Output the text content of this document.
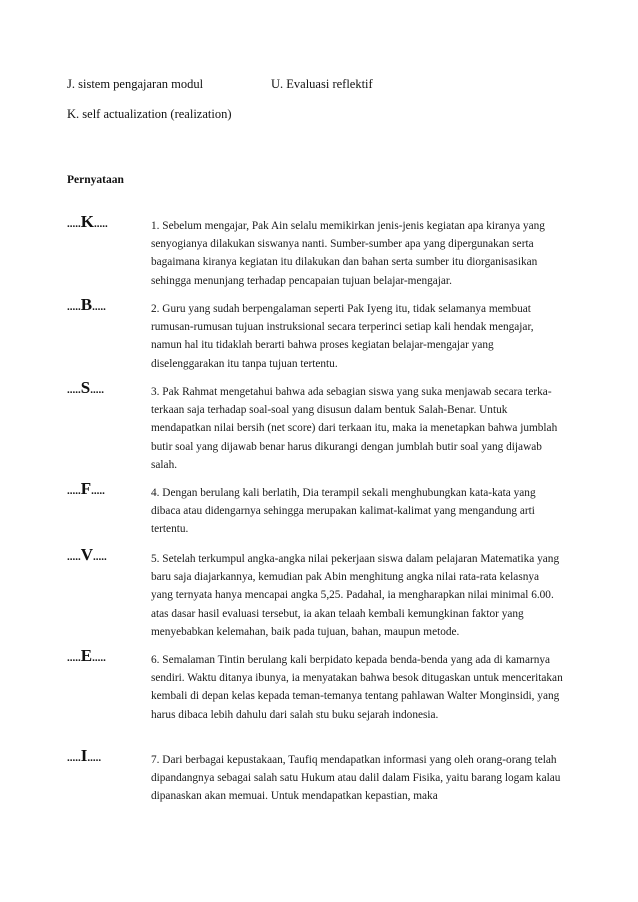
J. sistem pengajaran modul	U. Evaluasi reflektif
K. self actualization (realization)
Pernyataan
.....K.....	1. Sebelum mengajar, Pak Ain selalu memikirkan jenis-jenis kegiatan apa kiranya yang senyogianya dilakukan siswanya nanti. Sumber-sumber apa yang dipergunakan serta bagaimana kiranya kegiatan itu dilakukan dan bahan serta sumber itu diorganisasikan sehingga menunjang terhadap pencapaian tujuan belajar-mengajar.
.....B.....	2. Guru yang sudah berpengalaman seperti Pak Iyeng itu, tidak selamanya membuat rumusan-rumusan tujuan instruksional secara terperinci setiap kali hendak mengajar, namun hal itu tidaklah berarti bahwa proses kegiatan belajar-mengajar yang diselenggarakan itu tanpa tujuan tertentu.
.....S.....	3. Pak Rahmat mengetahui bahwa ada sebagian siswa yang suka menjawab secara terka-terkaan saja terhadap soal-soal yang disusun dalam bentuk Salah-Benar. Untuk mendapatkan nilai bersih (net score) dari terkaan itu, maka ia menetapkan bahwa jumblah butir soal yang dijawab benar harus dikurangi dengan jumblah butir soal yang dijawab salah.
.....F.....	4. Dengan berulang kali berlatih, Dia terampil sekali menghubungkan kata-kata yang dibaca atau didengarnya sehingga merupakan kalimat-kalimat yang mengandung arti tertentu.
.....V.....	5. Setelah terkumpul angka-angka nilai pekerjaan siswa dalam pelajaran Matematika yang baru saja diajarkannya, kemudian pak Abin menghitung angka nilai rata-rata kelasnya yang ternyata hanya mencapai angka 5,25. Padahal, ia mengharapkan nilai minimal 6.00. atas dasar hasil evaluasi tersebut, ia akan telaah kembali kemungkinan faktor yang menyebabkan kelemahan, baik pada tujuan, bahan, maupun metode.
.....E.....	6. Semalaman Tintin berulang kali berpidato kepada benda-benda yang ada di kamarnya sendiri. Waktu ditanya ibunya, ia menyatakan bahwa besok ditugaskan untuk menceritakan kembali di depan kelas kepada teman-temanya tentang pahlawan Walter Monginsidi, yang harus dibaca lebih dahulu dari salah stu buku sejarah indonesia.
.....I.....	7. Dari berbagai kepustakaan, Taufiq mendapatkan informasi yang oleh orang-orang telah dipandangnya sebagai salah satu Hukum atau dalil dalam Fisika, yaitu barang logam kalau dipanaskan akan memuai. Untuk mendapatkan kepastian, maka
